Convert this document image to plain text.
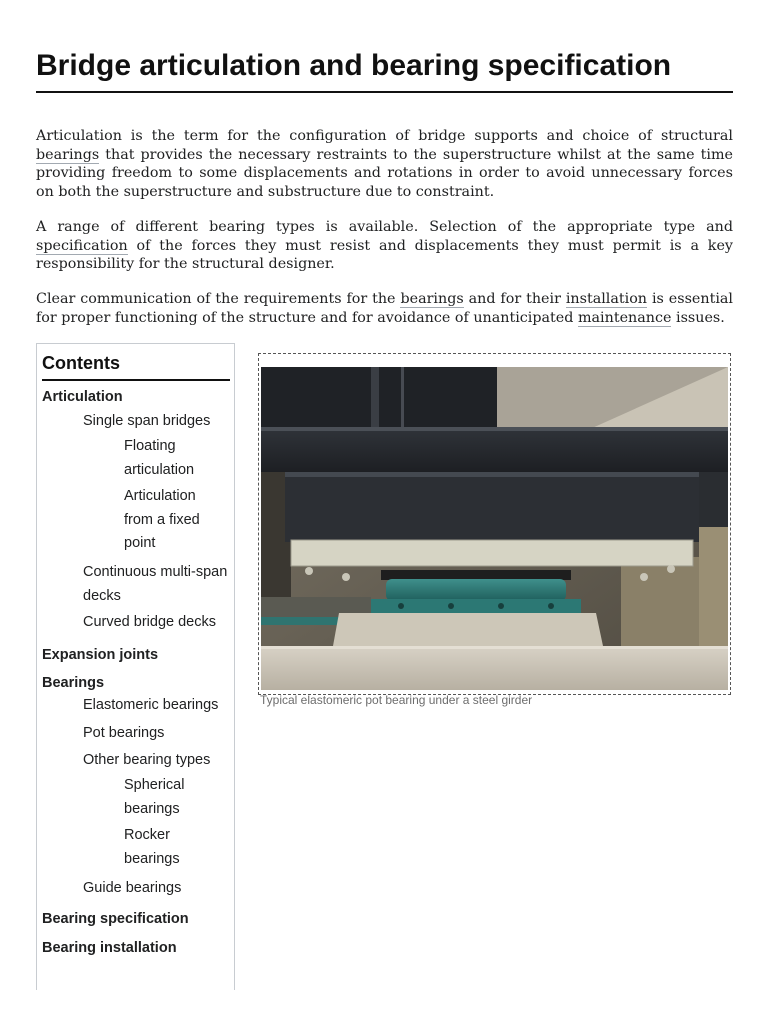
Bridge articulation and bearing specification

Articulation is the term for the configuration of bridge supports and choice of structural bearings that provides the necessary restraints to the superstructure whilst at the same time providing freedom to some displacements and rotations in order to avoid unnecessary forces on both the superstructure and substructure due to constraint.

A range of different bearing types is available. Selection of the appropriate type and specification of the forces they must resist and displacements they must permit is a key responsibility for the structural designer.

Clear communication of the requirements for the bearings and for their installation is essential for proper functioning of the structure and for avoidance of unanticipated maintenance issues.

Contents
Articulation
Single span bridges
Floating articulation
Articulation from a fixed point
Continuous multi-span decks
Curved bridge decks
Expansion joints
Bearings
Elastomeric bearings
Pot bearings
Other bearing types
Spherical bearings
Rocker bearings
Guide bearings
Bearing specification
Bearing installation
Typical elastomeric pot bearing under a steel girder
